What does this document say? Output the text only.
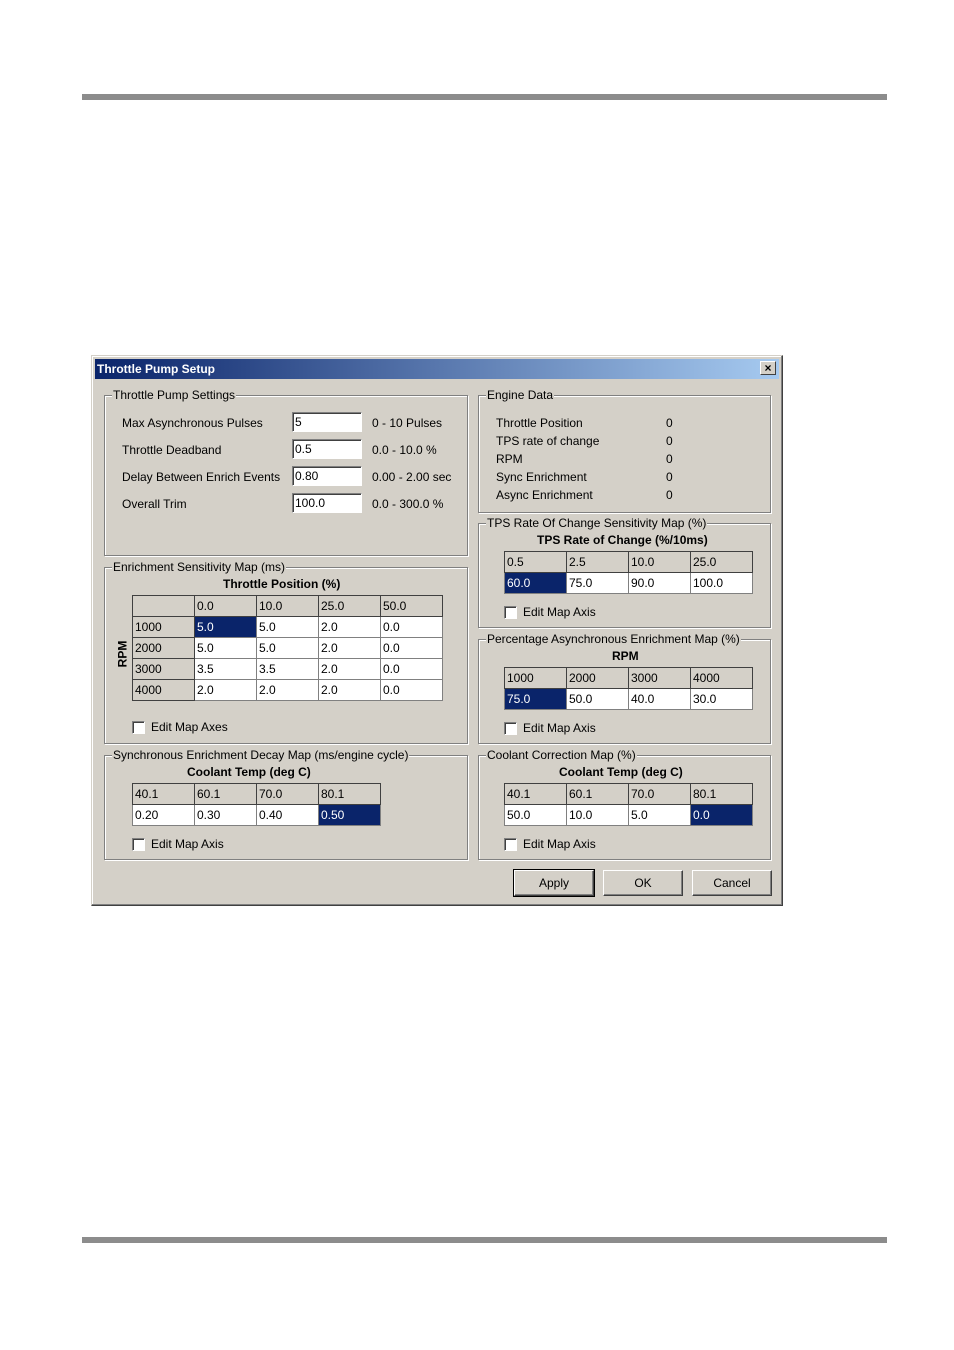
Throttle Pump Setup	×
Throttle Pump Settings
Max Asynchronous Pulses	5	0 - 10 Pulses
Throttle Deadband	0.5	0.0 - 10.0 %
Delay Between Enrich Events 0.80	0.00 - 2.00 sec
Overall Trim	100.0	0.0 - 300.0 %
Engine Data
Throttle Position	0
TPS rate of change	0
RPM	0
Sync Enrichment	0
Async Enrichment	0
TPS Rate Of Change Sensitivity Map (%)
TPS Rate of Change (%/10ms)
0.5	2.5	10.0	25.0
60.0	75.0	90.0	100.0
Edit Map Axis
Enrichment Sensitivity Map (ms)
Throttle Position (%)
RPM
	0.0	10.0	25.0	50.0
1000	5.0	5.0	2.0	0.0
2000	5.0	5.0	2.0	0.0
3000	3.5	3.5	2.0	0.0
4000	2.0	2.0	2.0	0.0
Edit Map Axes
Percentage Asynchronous Enrichment Map (%)
RPM
1000	2000	3000	4000
75.0	50.0	40.0	30.0
Edit Map Axis
Synchronous Enrichment Decay Map (ms/engine cycle)
Coolant Temp (deg C)
40.1	60.1	70.0	80.1
0.20	0.30	0.40	0.50
Edit Map Axis
Coolant Correction Map (%)
Coolant Temp (deg C)
40.1	60.1	70.0	80.1
50.0	10.0	5.0	0.0
Edit Map Axis
Apply	OK	Cancel
